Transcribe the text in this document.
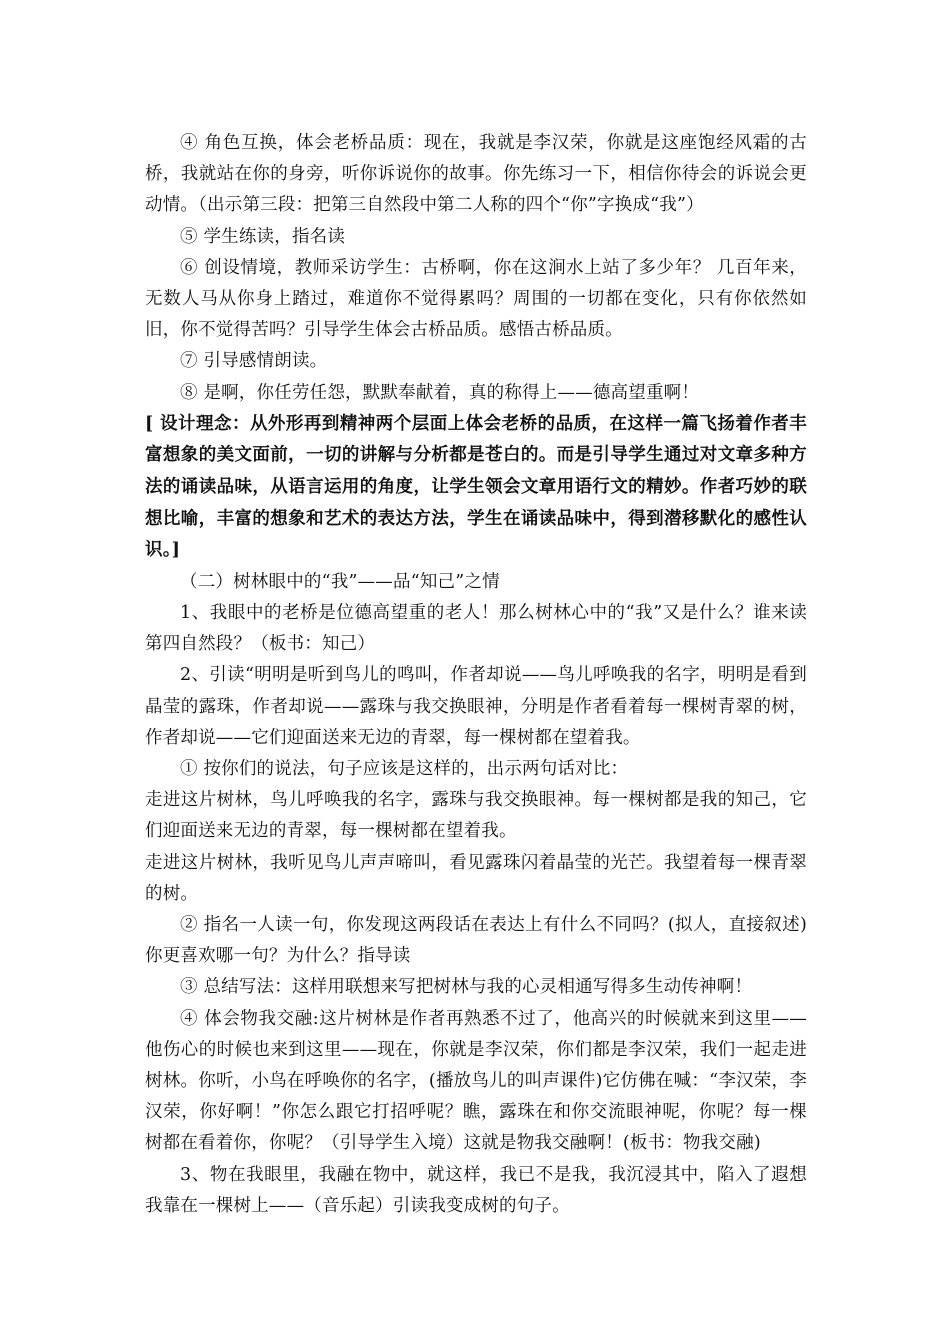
④ 角色互换，体会老桥品质：现在，我就是李汉荣，你就是这座饱经风霜的古桥，我就站在你的身旁，听你诉说你的故事。你先练习一下，相信你待会的诉说会更动情。（出示第三段：把第三自然段中第二人称的四个“你”字换成“我”）

⑤ 学生练读，指名读

⑥ 创设情境，教师采访学生：古桥啊，你在这涧水上站了多少年？ 几百年来，无数人马从你身上踏过，难道你不觉得累吗？周围的一切都在变化，只有你依然如旧，你不觉得苦吗？引导学生体会古桥品质。感悟古桥品质。

⑦ 引导感情朗读。

⑧ 是啊，你任劳任怨，默默奉献着，真的称得上——德高望重啊！

[ 设计理念：从外形再到精神两个层面上体会老桥的品质，在这样一篇飞扬着作者丰富想象的美文面前，一切的讲解与分析都是苍白的。而是引导学生通过对文章多种方法的诵读品味，从语言运用的角度，让学生领会文章用语行文的精妙。作者巧妙的联想比喻，丰富的想象和艺术的表达方法，学生在诵读品味中，得到潜移默化的感性认识。]

（二）树林眼中的“我”——品“知己”之情

1、我眼中的老桥是位德高望重的老人！那么树林心中的“我”又是什么？谁来读第四自然段？（板书：知己）

2、引读“明明是听到鸟儿的鸣叫，作者却说——鸟儿呼唤我的名字，明明是看到晶莹的露珠，作者却说——露珠与我交换眼神，分明是作者看着每一棵树青翠的树，作者却说——它们迎面送来无边的青翠，每一棵树都在望着我。

① 按你们的说法，句子应该是这样的，出示两句话对比：

走进这片树林，鸟儿呼唤我的名字，露珠与我交换眼神。每一棵树都是我的知己，它们迎面送来无边的青翠，每一棵树都在望着我。

走进这片树林，我听见鸟儿声声啼叫，看见露珠闪着晶莹的光芒。我望着每一棵青翠的树。

② 指名一人读一句，你发现这两段话在表达上有什么不同吗？(拟人，直接叙述)你更喜欢哪一句？为什么？指导读

③ 总结写法：这样用联想来写把树林与我的心灵相通写得多生动传神啊！

④ 体会物我交融:这片树林是作者再熟悉不过了，他高兴的时候就来到这里——他伤心的时候也来到这里——现在，你就是李汉荣，你们都是李汉荣，我们一起走进树林。你听，小鸟在呼唤你的名字，(播放鸟儿的叫声课件)它仿佛在喊：“李汉荣，李汉荣，你好啊！”你怎么跟它打招呼呢？瞧，露珠在和你交流眼神呢，你呢？每一棵树都在看着你，你呢？（引导学生入境）这就是物我交融啊！(板书：物我交融)

3、物在我眼里，我融在物中，就这样，我已不是我，我沉浸其中，陷入了遐想我靠在一棵树上——（音乐起）引读我变成树的句子。
